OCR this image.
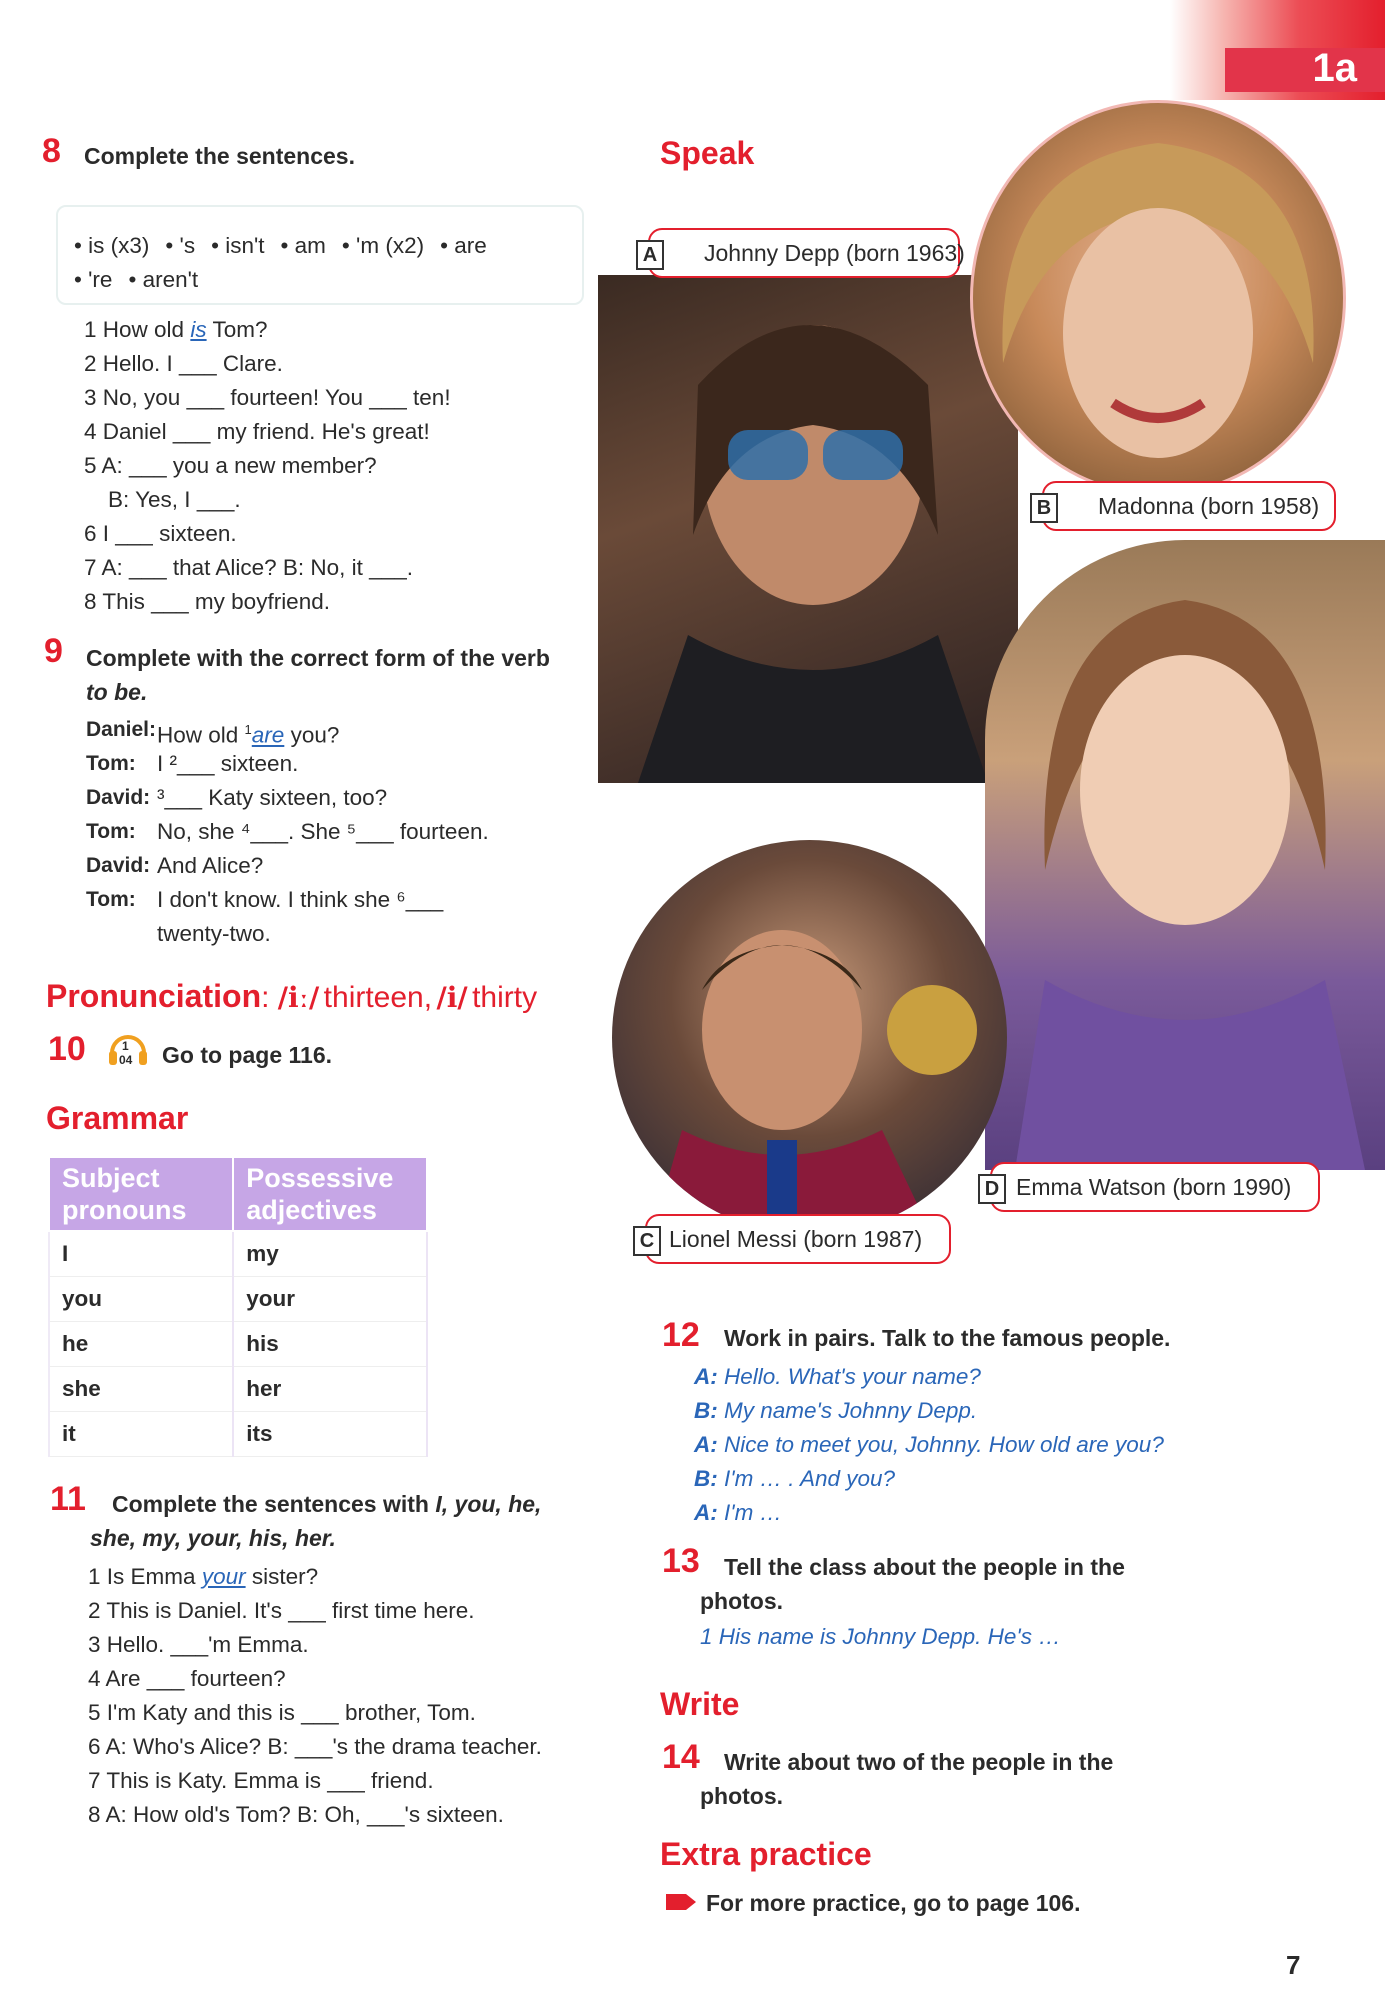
1a
8 Complete the sentences.
• is (x3) • 's • isn't • am • 'm (x2) • are
• 're • aren't
1 How old is Tom?
2 Hello. I ___ Clare.
3 No, you ___ fourteen! You ___ ten!
4 Daniel ___ my friend. He's great!
5 A: ___ you a new member?
B: Yes, I ___.
6 I ___ sixteen.
7 A: ___ that Alice? B: No, it ___.
8 This ___ my boyfriend.
9 Complete with the correct form of the verb
to be.
Daniel: How old $^1$are you?
Tom: I ²___ sixteen.
David: ³___ Katy sixteen, too?
Tom: No, she ⁴___. She ⁵___ fourteen.
David: And Alice?
Tom: I don't know. I think she ⁶___
twenty-two.
Pronunciation: /iː/ thirteen, /i/ thirty
10	1
04 Go to page 116.
Grammar
Subject pronouns	Possessive adjectives
I	my
you	your
he	his
she	her
it	its
11	Complete the sentences with I, you, he, she, my, your, his, her.
1 Is Emma your sister?
2 This is Daniel. It's ___ first time here.
3 Hello. ___'m Emma.
4 Are ___ fourteen?
5 I'm Katy and this is ___ brother, Tom.
6 A: Who's Alice? B: ___'s the drama teacher.
7 This is Katy. Emma is ___ friend.
8 A: How old's Tom? B: Oh, ___'s sixteen.
Speak
A Johnny Depp (born 1963)
B Madonna (born 1958)
D Emma Watson (born 1990)
C Lionel Messi (born 1987)
12 Work in pairs. Talk to the famous people.
A: Hello. What's your name?
B: My name's Johnny Depp.
A: Nice to meet you, Johnny. How old are you?
B: I'm … . And you?
A: I'm …
13	Tell the class about the people in the photos.
1 His name is Johnny Depp. He's …
Write
14	Write about two of the people in the photos.
Extra practice
For more practice, go to page 106.
7
